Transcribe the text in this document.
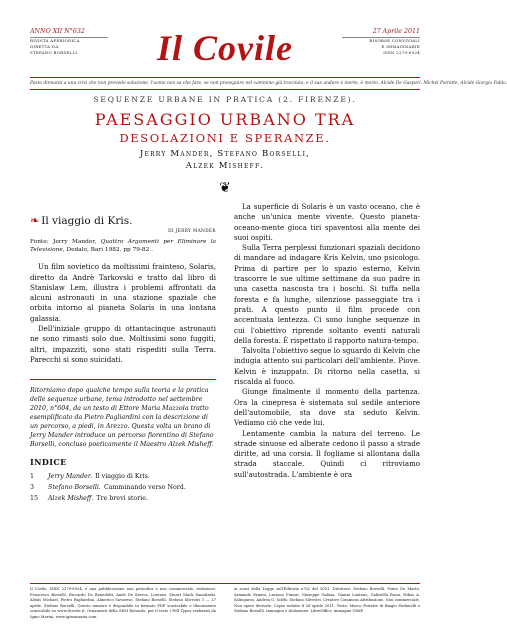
ANNO XII N°632
RIVISTA APERIODICA
DIRETTA DA
STEFANO BORSELLI	Il Covile	27 Aprile 2011
RISORSE CONVIVIALI
E IMMAGINARIE
ISSN 2279-6924
Posto dinnanzi a una crisi che non prevede soluzione, l'uomo non sa che fare, se non proseguire nel cammino già tracciato, e il suo andare è inerte, è morto. Alcide De Gasperi. Michel Poirette, Alcide Giorgio Pablo.
SEQUENZE URBANE IN PRATICA (2. FIRENZE).
PAESAGGIO URBANO TRA
DESOLAZIONI E SPERANZE.
Jerry Mander, Stefano Borselli,
Alzek Misheff.
❦
❧ Il viaggio di Kris.
DI JERRY MANDER
Fonte: Jerry Mander, Quattro Argomenti per Eliminare la Televisione, Dedalo, Bari 1982. pp 79-82 .

Un film sovietico da moltissimi frainteso, Solaris, diretto da Andrè Tarkovski e tratto dal libro di Stanislaw Lem, illustra i problemi affrontati da alcuni astronauti in una stazione spaziale che orbita intorno al pianeta Solaris in una lontana galassia.

Dell'iniziale gruppo di ottantacinque astronauti ne sono rimasti solo due. Moltissimi sono fuggiti, altri, impazziti, sono stati rispediti sulla Terra. Parecchi si sono suicidati.

Ritorniamo dopo qualche tempo sulla teoria e la pratica delle sequenze urbane, tema introdotto nel settembre 2010, n°604, da un testo di Ettore Maria Mazzola tratto esemplificato da Pietro Pagliardini con la descrizione di un percorso, a piedi, in Arezzo. Questa volta un brano di Jerry Mander introduce un percorso fiorentino di Stefano Borselli, concluso poeticamente il Maestro Alzek Misheff.
INDICE
1	Jerry Mander. Il viaggio di Kris.
3	Stefano Borselli. Camminando verso Nord.
15	Alzek Misheff. Tre brevi storie.

La superficie di Solaris è un vasto oceano, che è anche un'unica mente vivente. Questo pianeta-oceano-mente gioca tiri spaventosi alla mente dei suoi ospiti.

Sulla Terra perplessi funzionari spaziali decidono di mandare ad indagare Kris Kelvin, uno psicologo. Prima di partire per lo spazio esterno, Kelvin trascorre le sue ultime settimane da suo padre in una casetta nascosta tra i boschi. Si tuffa nella foresta e fa lunghe, silenziose passeggiate tra i prati. A questo punto il film procede con accentuata lentezza. Ci sono lunghe sequenze in cui l'obiettivo riprende soltanto eventi naturali della foresta. È rispettato il rapporto natura-tempo.

Talvolta l'obiettivo segue lo sguardo di Kelvin che indugia attento sui particolari dell'ambiente. Piove. Kelvin è inzuppato. Di ritorno nella casetta, si riscalda al fuoco.

Giunge finalmente il momento della partenza. Ora la cinepresa è sistemata sul sedile anteriore dell'automobile, sta dove sta seduto Kelvin. Vediamo ciò che vede lui.

Lentamente cambia la natura del terreno. Le strade sinuose ed alberate cedono il passo a strade diritte, ad una corsia. Il fogliame si allontana dalla strada staccale. Quindi ci ritroviamo sull'autostrada. L'ambiente è ora

Il Covile, ISSN 2279-6924, è una pubblicazione non periodica e non commerciale, redazione: Francesco Borselli, Riccardo De Benedetti, Aude De Kerros, Lorenzo, Stuart Mack Samulaski, Alexis Michael, Pietro Pagliardini, Almerico Savarese, Stefano Borselli. Stefano Silvestri 1 — 27 aprile. Stefano Borselli. Questo numero è disponibile in formato PDF scaricabile e liberamente scaricabile su www.ilcovile.it. Ornamenti della SEM Rotondo, per il testo i Fell Types realizzati da Igino Marini, www.iginomarini.com.
ai sensi della Legge sull'Editoria n°62 del 2001. Direttore: Stefano Borselli. Ponte De Marte, Armando Ermini, Luciano Funari, Giuseppe Gulizia, Gianni Lontano, Gabriella Rossi, Nikos A. Salingaros, Andrea G. Sciffo, Stefano Silvestri. Creative Commons Attribuzione. Non commerciale. Non opere derivate. Copia redatto il 26 aprile 2011. Testo: Marco Poirette di Biagio Stefanelli e Stefano Borselli. Immagini e titolazione: LibreOffice, immagini GIMP.
